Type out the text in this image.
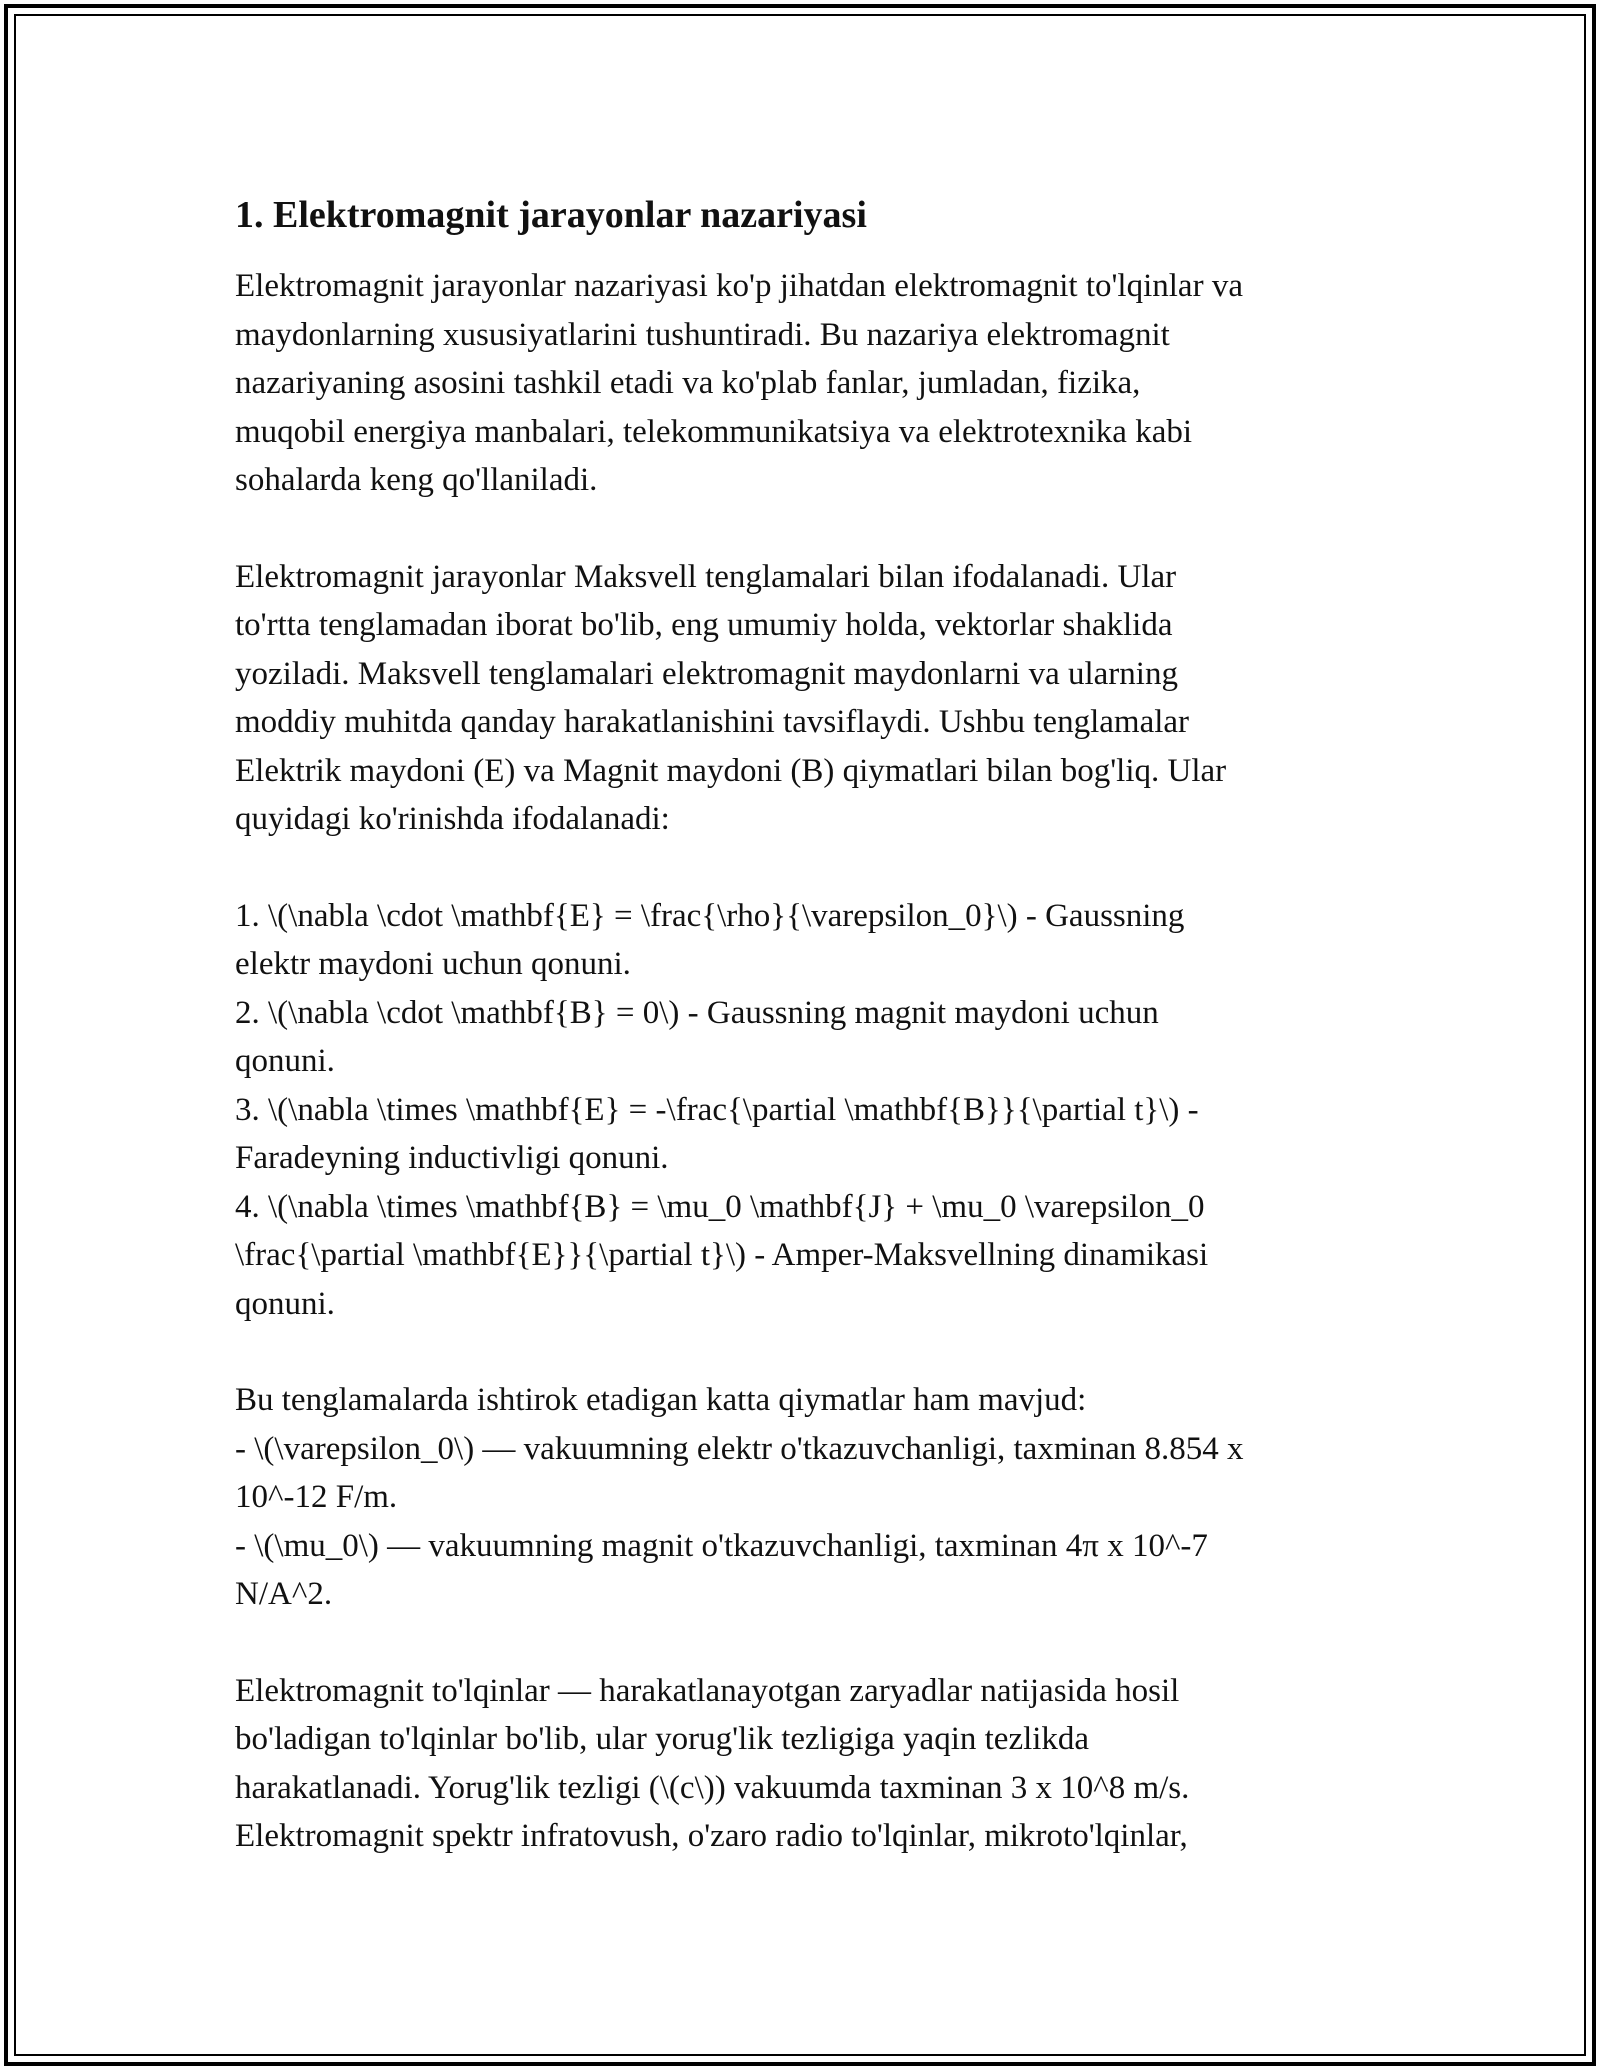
1. Elektromagnit jarayonlar nazariyasi

Elektromagnit jarayonlar nazariyasi ko'p jihatdan elektromagnit to'lqinlar va
maydonlarning xususiyatlarini tushuntiradi. Bu nazariya elektromagnit
nazariyaning asosini tashkil etadi va ko'plab fanlar, jumladan, fizika,
muqobil energiya manbalari, telekommunikatsiya va elektrotexnika kabi
sohalarda keng qo'llaniladi.

Elektromagnit jarayonlar Maksvell tenglamalari bilan ifodalanadi. Ular
to'rtta tenglamadan iborat bo'lib, eng umumiy holda, vektorlar shaklida
yoziladi. Maksvell tenglamalari elektromagnit maydonlarni va ularning
moddiy muhitda qanday harakatlanishini tavsiflaydi. Ushbu tenglamalar
Elektrik maydoni (E) va Magnit maydoni (B) qiymatlari bilan bog'liq. Ular
quyidagi ko'rinishda ifodalanadi:

1. \(\nabla \cdot \mathbf{E} = \frac{\rho}{\varepsilon_0}\) - Gaussning
elektr maydoni uchun qonuni.
2. \(\nabla \cdot \mathbf{B} = 0\) - Gaussning magnit maydoni uchun
qonuni.
3. \(\nabla \times \mathbf{E} = -\frac{\partial \mathbf{B}}{\partial t}\) -
Faradeyning inductivligi qonuni.
4. \(\nabla \times \mathbf{B} = \mu_0 \mathbf{J} + \mu_0 \varepsilon_0
\frac{\partial \mathbf{E}}{\partial t}\) - Amper-Maksvellning dinamikasi
qonuni.

Bu tenglamalarda ishtirok etadigan katta qiymatlar ham mavjud:
- \(\varepsilon_0\) — vakuumning elektr o'tkazuvchanligi, taxminan 8.854 x
10^-12 F/m.
- \(\mu_0\) — vakuumning magnit o'tkazuvchanligi, taxminan 4π x 10^-7
N/A^2.

Elektromagnit to'lqinlar — harakatlanayotgan zaryadlar natijasida hosil
bo'ladigan to'lqinlar bo'lib, ular yorug'lik tezligiga yaqin tezlikda
harakatlanadi. Yorug'lik tezligi (\(c\)) vakuumda taxminan 3 x 10^8 m/s.
Elektromagnit spektr infratovush, o'zaro radio to'lqinlar, mikroto'lqinlar,
